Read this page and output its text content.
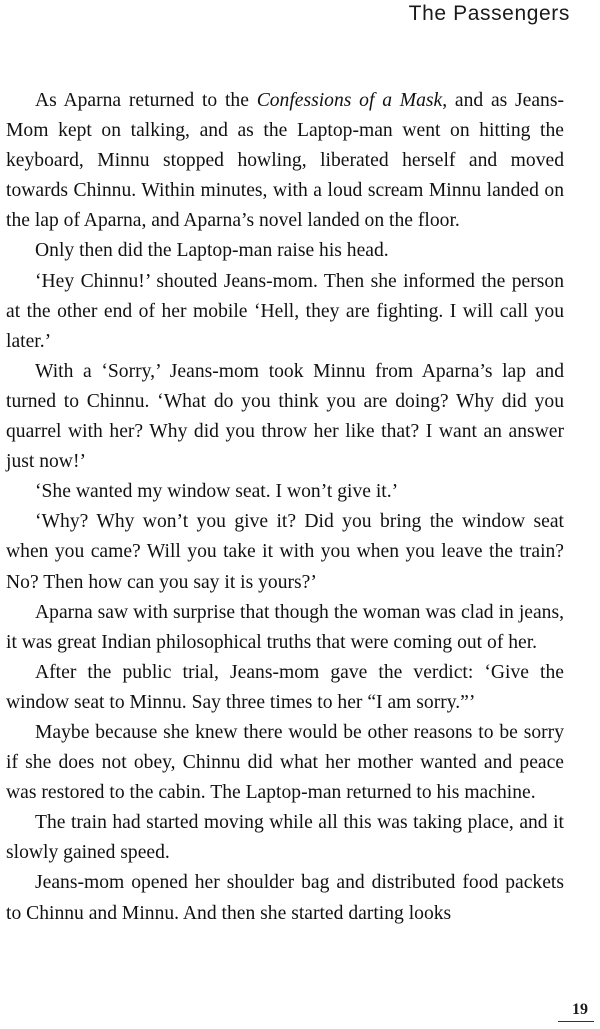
The Passengers

As Aparna returned to the Confessions of a Mask, and as Jeans-Mom kept on talking, and as the Laptop-man went on hitting the keyboard, Minnu stopped howling, liberated herself and moved towards Chinnu. Within minutes, with a loud scream Minnu landed on the lap of Aparna, and Aparna’s novel landed on the floor.

Only then did the Laptop-man raise his head.

‘Hey Chinnu!’ shouted Jeans-mom. Then she informed the person at the other end of her mobile ‘Hell, they are fighting. I will call you later.’

With a ‘Sorry,’ Jeans-mom took Minnu from Aparna’s lap and turned to Chinnu. ‘What do you think you are doing? Why did you quarrel with her? Why did you throw her like that? I want an answer just now!’

‘She wanted my window seat. I won’t give it.’

‘Why? Why won’t you give it? Did you bring the window seat when you came? Will you take it with you when you leave the train? No? Then how can you say it is yours?’

Aparna saw with surprise that though the woman was clad in jeans, it was great Indian philosophical truths that were coming out of her.

After the public trial, Jeans-mom gave the verdict: ‘Give the window seat to Minnu. Say three times to her “I am sorry.”’

Maybe because she knew there would be other reasons to be sorry if she does not obey, Chinnu did what her mother wanted and peace was restored to the cabin. The Laptop-man returned to his machine.

The train had started moving while all this was taking place, and it slowly gained speed.

Jeans-mom opened her shoulder bag and distributed food packets to Chinnu and Minnu. And then she started darting looks

19
